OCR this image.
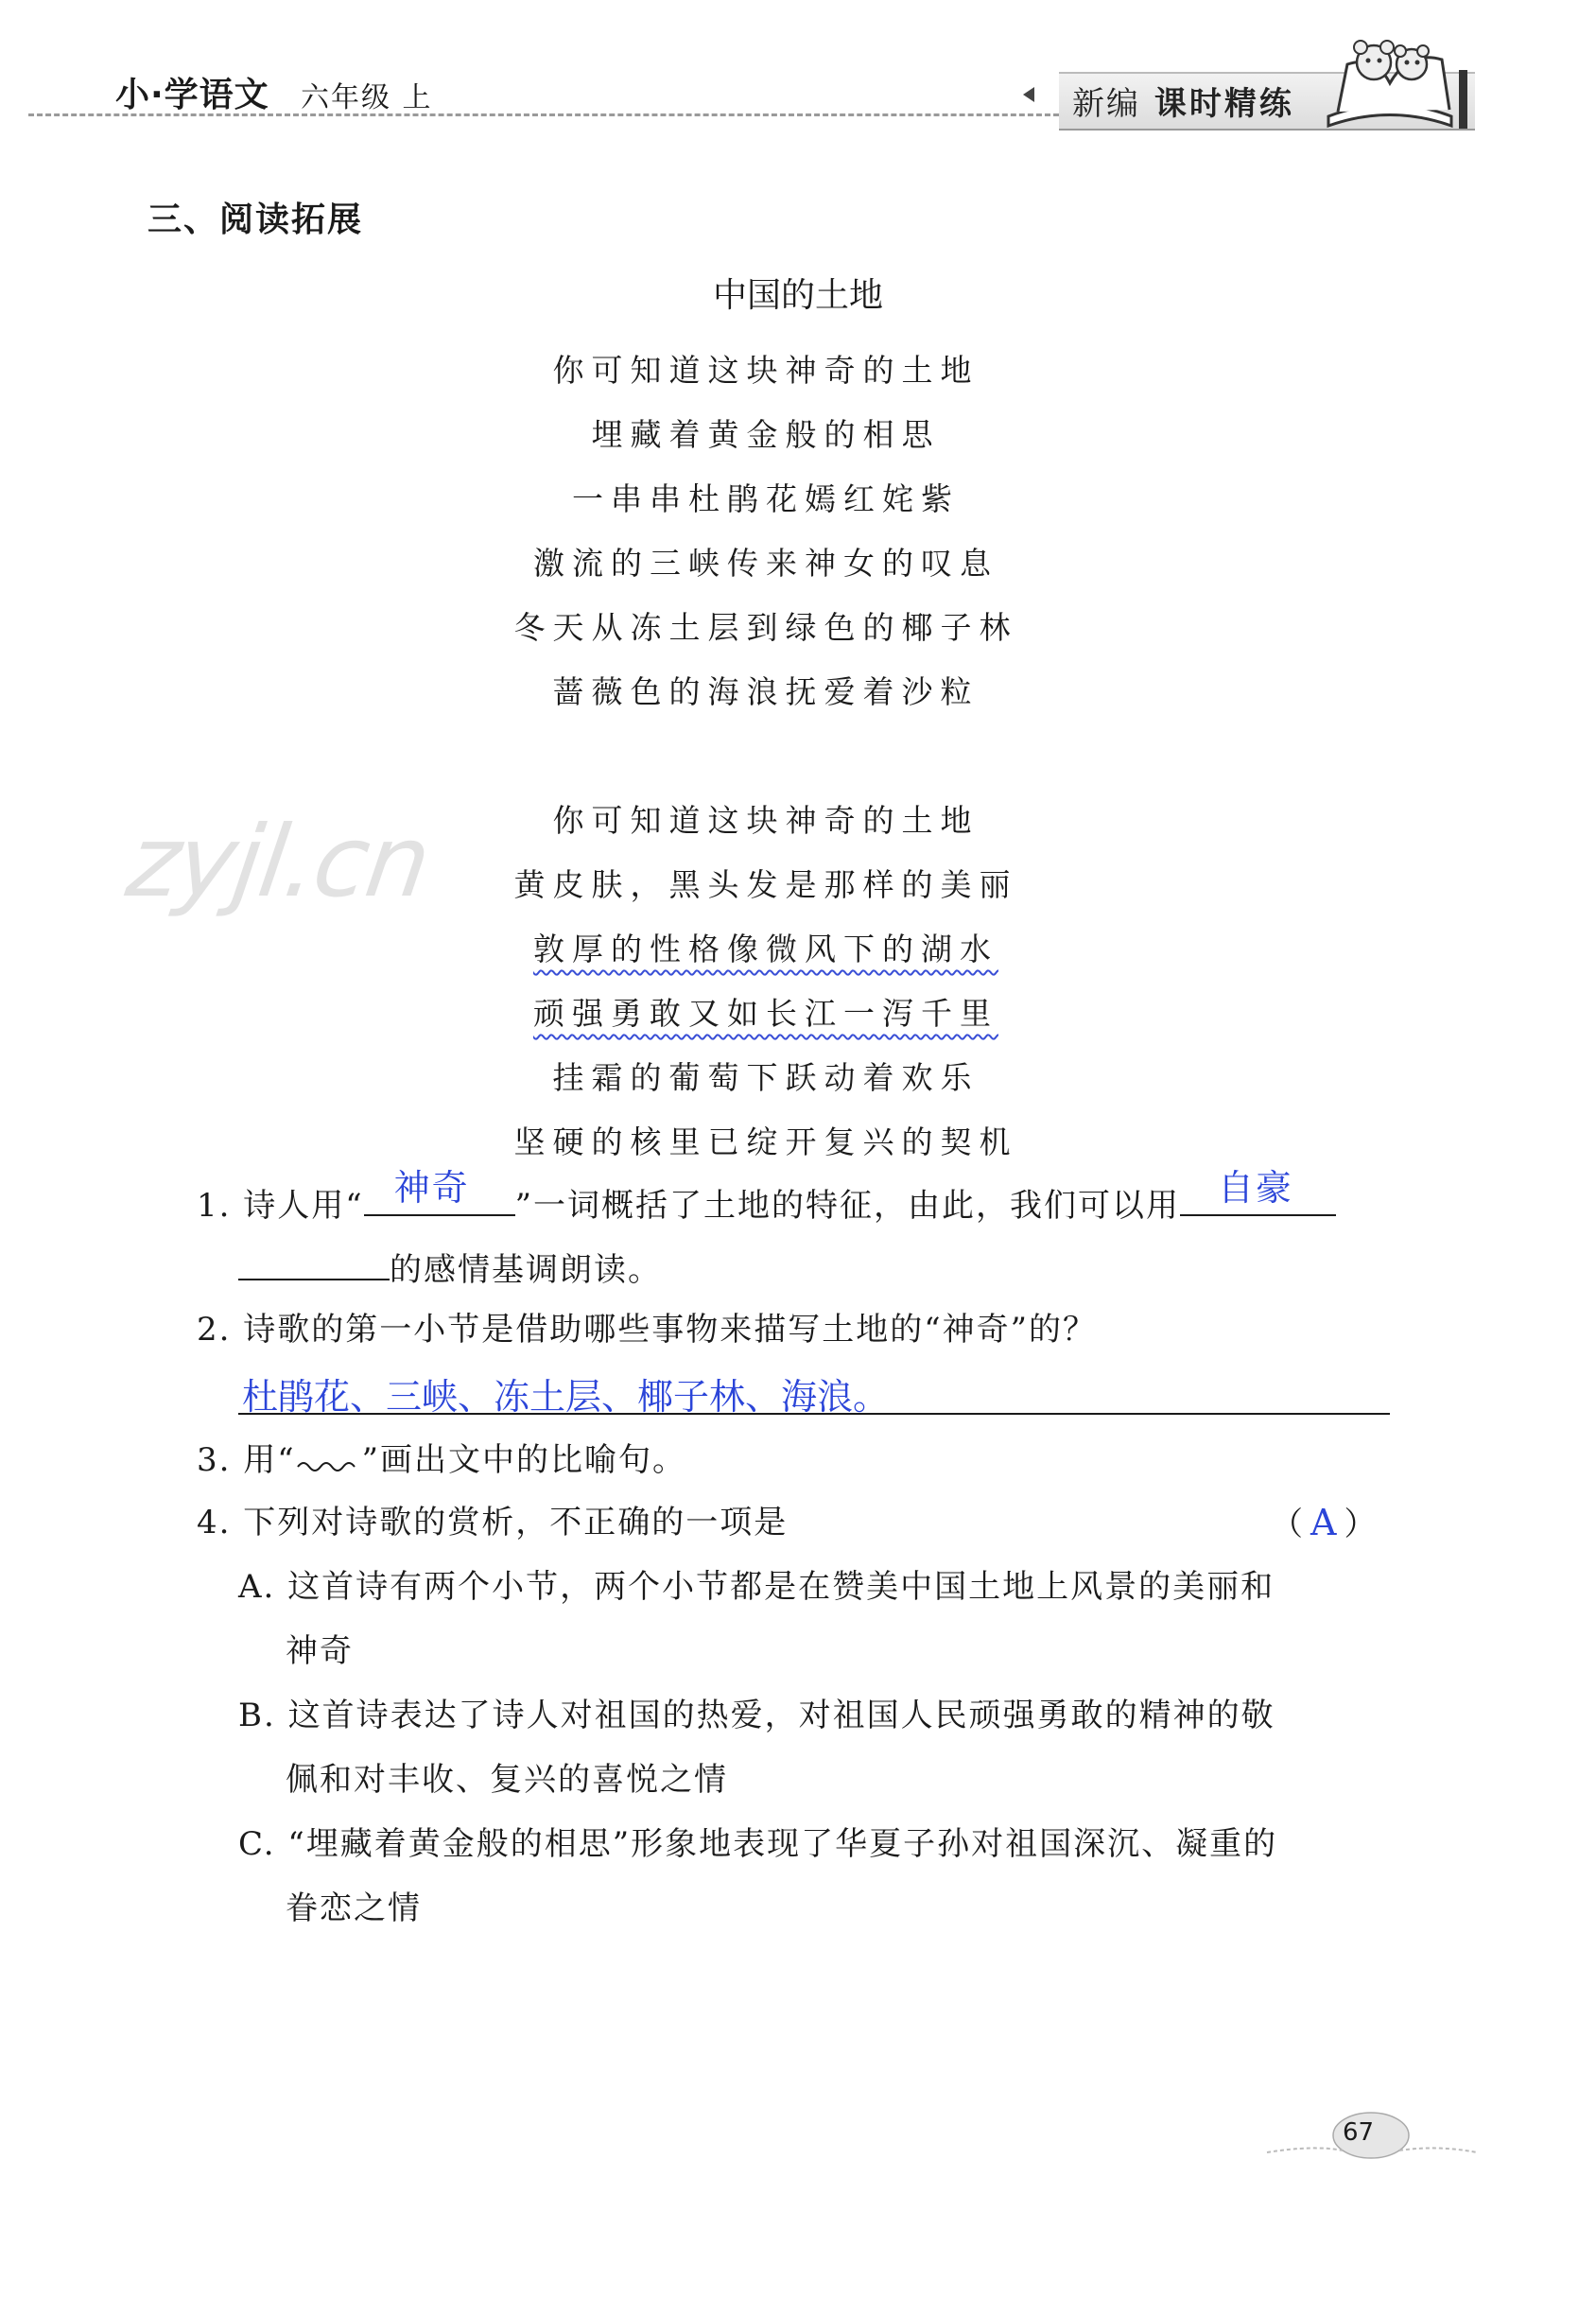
小·学语文 六年级 上	新编 课时精练
zyjl.cn
三、阅读拓展
中国的土地
你可知道这块神奇的土地
埋藏着黄金般的相思
一串串杜鹃花嫣红姹紫
激流的三峡传来神女的叹息
冬天从冻土层到绿色的椰子林
蔷薇色的海浪抚爱着沙粒
你可知道这块神奇的土地
黄皮肤，黑头发是那样的美丽
敦厚的性格像微风下的湖水
顽强勇敢又如长江一泻千里
挂霜的葡萄下跃动着欢乐
坚硬的核里已绽开复兴的契机
1. 诗人用“ 神奇 ”一词概括了土地的特征，由此，我们可以用 自豪
的感情基调朗读。
2. 诗歌的第一小节是借助哪些事物来描写土地的“神奇”的？
杜鹃花、三峡、冻土层、椰子林、海浪。
3. 用“ ”画出文中的比喻句。
4. 下列对诗歌的赏析，不正确的一项是	（ A ）
A. 这首诗有两个小节，两个小节都是在赞美中国土地上风景的美丽和
神奇
B. 这首诗表达了诗人对祖国的热爱，对祖国人民顽强勇敢的精神的敬
佩和对丰收、复兴的喜悦之情
C. “埋藏着黄金般的相思”形象地表现了华夏子孙对祖国深沉、凝重的
眷恋之情
67
